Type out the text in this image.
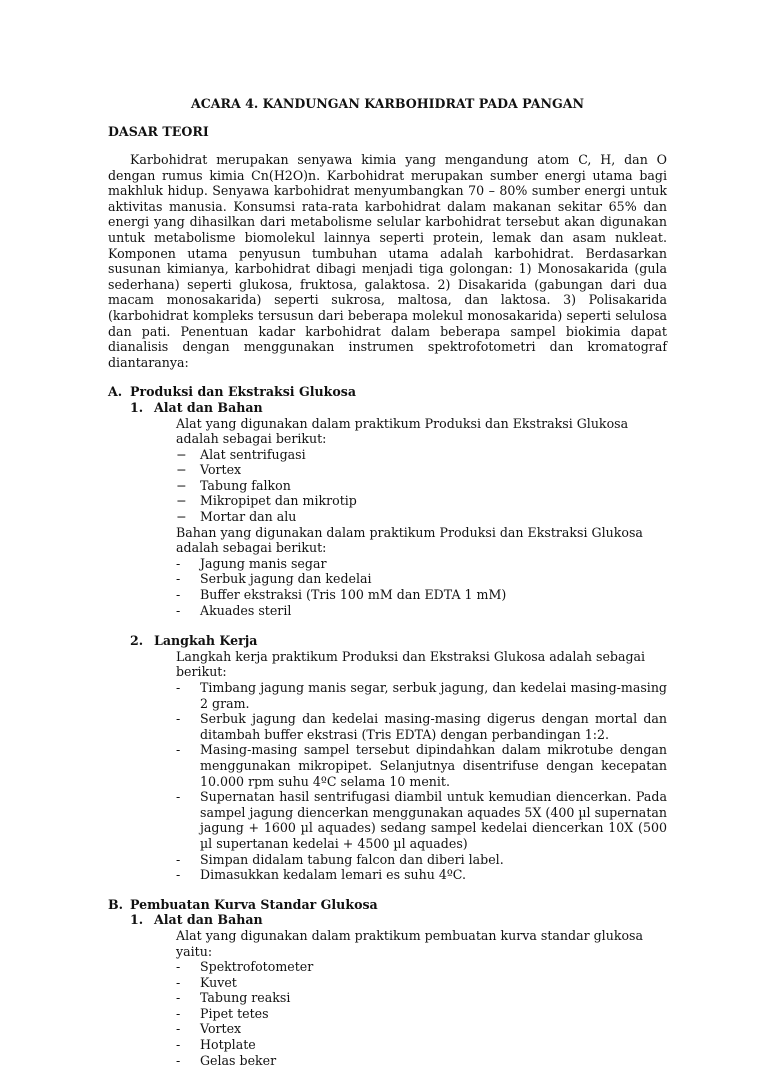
ACARA 4. KANDUNGAN KARBOHIDRAT PADA PANGAN
DASAR TEORI
Karbohidrat merupakan senyawa kimia yang mengandung atom C, H, dan O dengan rumus kimia Cn(H2O)n. Karbohidrat merupakan sumber energi utama bagi makhluk hidup. Senyawa karbohidrat menyumbangkan 70 – 80% sumber energi untuk aktivitas manusia. Konsumsi rata-rata karbohidrat dalam makanan sekitar 65% dan energi yang dihasilkan dari metabolisme selular karbohidrat tersebut akan digunakan untuk metabolisme biomolekul lainnya seperti protein, lemak dan asam nukleat. Komponen utama penyusun tumbuhan utama adalah karbohidrat. Berdasarkan susunan kimianya, karbohidrat dibagi menjadi tiga golongan: 1) Monosakarida (gula sederhana) seperti glukosa, fruktosa, galaktosa. 2) Disakarida (gabungan dari dua macam monosakarida) seperti sukrosa, maltosa, dan laktosa. 3) Polisakarida (karbohidrat kompleks tersusun dari beberapa molekul monosakarida) seperti selulosa dan pati. Penentuan kadar karbohidrat dalam beberapa sampel biokimia dapat dianalisis dengan menggunakan instrumen spektrofotometri dan kromatograf diantaranya:
A. Produksi dan Ekstraksi Glukosa
1. Alat dan Bahan
Alat yang digunakan dalam praktikum Produksi dan Ekstraksi Glukosa adalah sebagai berikut:
−	Alat sentrifugasi
−	Vortex
−	Tabung falkon
−	Mikropipet dan mikrotip
−	Mortar dan alu
Bahan yang digunakan dalam praktikum Produksi dan Ekstraksi Glukosa adalah sebagai berikut:
-	Jagung manis segar
-	Serbuk jagung dan kedelai
-	Buffer ekstraksi (Tris 100 mM dan EDTA 1 mM)
-	Akuades steril
2. Langkah Kerja
Langkah kerja praktikum Produksi dan Ekstraksi Glukosa adalah sebagai berikut:
-	Timbang jagung manis segar, serbuk jagung, dan kedelai masing-masing 2 gram.
-	Serbuk jagung dan kedelai masing-masing digerus dengan mortal dan ditambah buffer ekstrasi (Tris EDTA) dengan perbandingan 1:2.
-	Masing-masing sampel tersebut dipindahkan dalam mikrotube dengan menggunakan mikropipet. Selanjutnya disentrifuse dengan kecepatan 10.000 rpm suhu 4ºC selama 10 menit.
-	Supernatan hasil sentrifugasi diambil untuk kemudian diencerkan. Pada sampel jagung diencerkan menggunakan aquades 5X (400 µl supernatan jagung + 1600 µl aquades) sedang sampel kedelai diencerkan 10X (500 µl supertanan kedelai + 4500 µl aquades)
-	Simpan didalam tabung falcon dan diberi label.
-	Dimasukkan kedalam lemari es suhu 4ºC.
B. Pembuatan Kurva Standar Glukosa
1. Alat dan Bahan
Alat yang digunakan dalam praktikum pembuatan kurva standar glukosa yaitu:
-	Spektrofotometer
-	Kuvet
-	Tabung reaksi
-	Pipet tetes
-	Vortex
-	Hotplate
-	Gelas beker
